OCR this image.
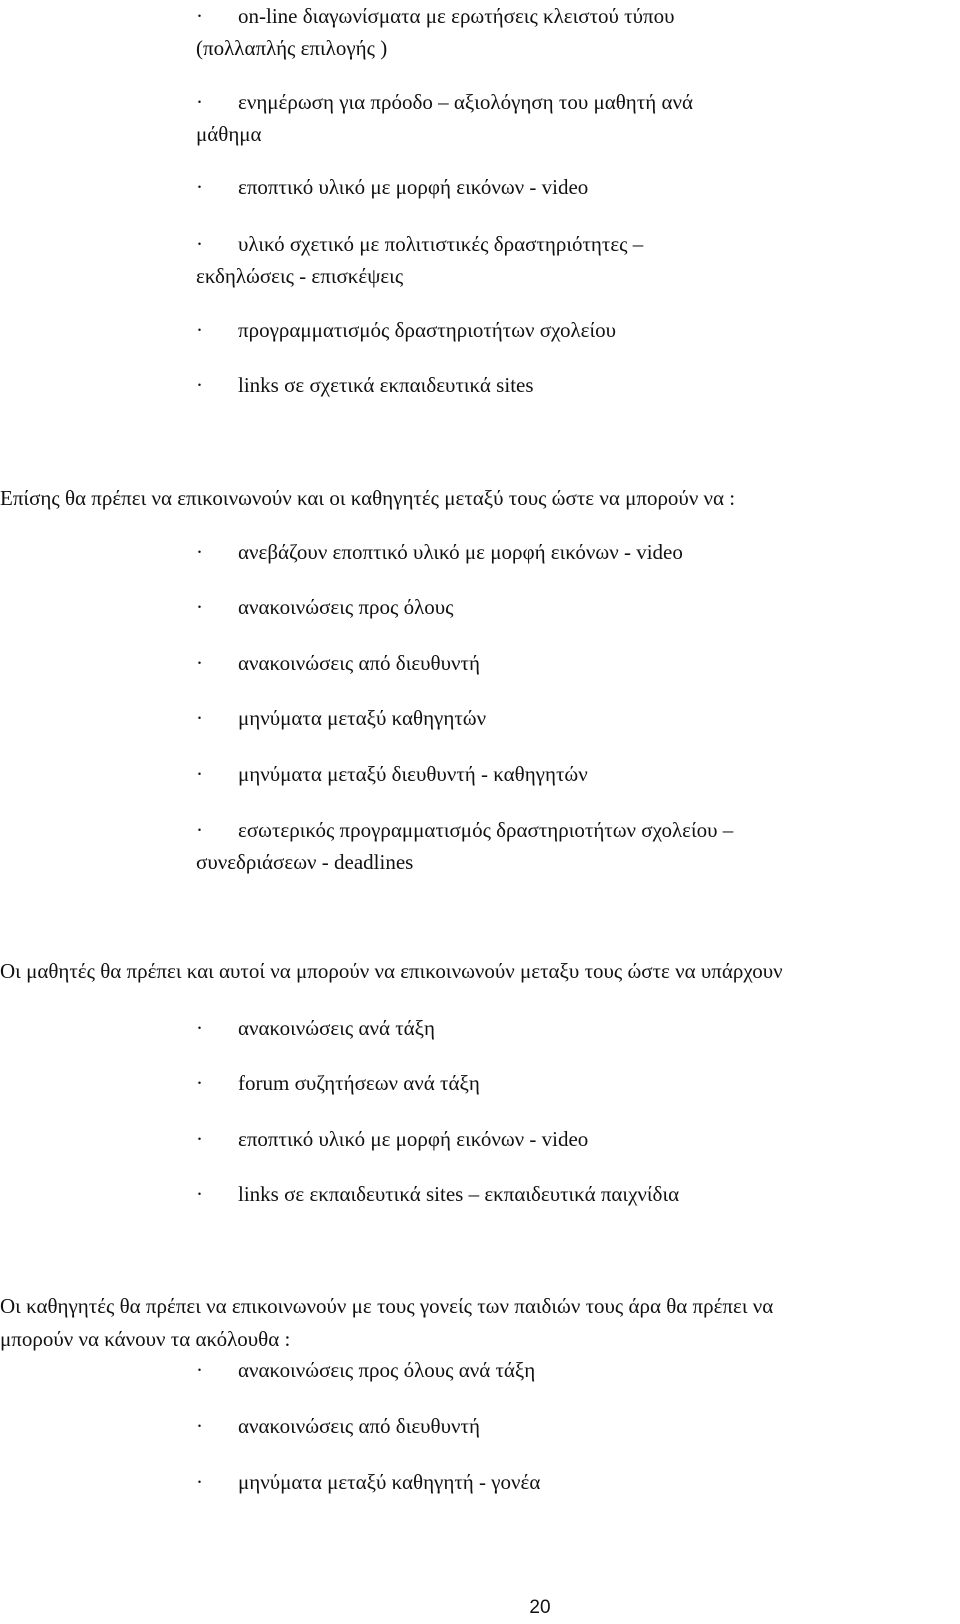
· on-line διαγωνίσματα με ερωτήσεις κλειστού τύπου
(πολλαπλής επιλογής )
· ενημέρωση για πρόοδο – αξιολόγηση του μαθητή ανά
μάθημα
· εποπτικό υλικό με μορφή εικόνων - video
· υλικό σχετικό με πολιτιστικές δραστηριότητες –
εκδηλώσεις - επισκέψεις
· προγραμματισμός δραστηριοτήτων σχολείου
· links σε σχετικά εκπαιδευτικά sites
Επίσης θα πρέπει να επικοινωνούν και οι καθηγητές μεταξύ τους ώστε να μπορούν να :
· ανεβάζουν εποπτικό υλικό με μορφή εικόνων - video
· ανακοινώσεις προς όλους
· ανακοινώσεις από διευθυντή
· μηνύματα μεταξύ καθηγητών
· μηνύματα μεταξύ διευθυντή - καθηγητών
· εσωτερικός προγραμματισμός δραστηριοτήτων σχολείου –
συνεδριάσεων - deadlines
Οι μαθητές θα πρέπει και αυτοί να μπορούν να επικοινωνούν μεταξυ τους ώστε να υπάρχουν
· ανακοινώσεις ανά τάξη
· forum συζητήσεων ανά τάξη
· εποπτικό υλικό με μορφή εικόνων - video
· links σε εκπαιδευτικά sites – εκπαιδευτικά παιχνίδια
Οι καθηγητές θα πρέπει να επικοινωνούν με τους γονείς των παιδιών τους άρα θα πρέπει να
μπορούν να κάνουν τα ακόλουθα :
· ανακοινώσεις προς όλους ανά τάξη
· ανακοινώσεις από διευθυντή
· μηνύματα μεταξύ καθηγητή - γονέα
20
